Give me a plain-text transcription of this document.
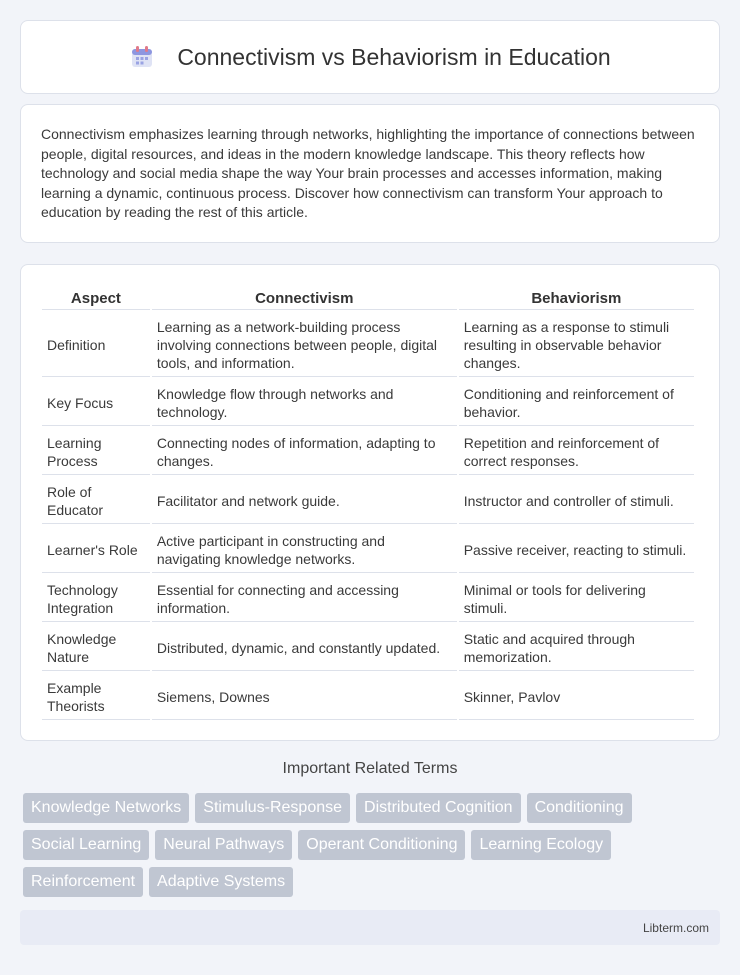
Connectivism vs Behaviorism in Education

Connectivism emphasizes learning through networks, highlighting the importance of connections between people, digital resources, and ideas in the modern knowledge landscape. This theory reflects how technology and social media shape the way Your brain processes and accesses information, making learning a dynamic, continuous process. Discover how connectivism can transform Your approach to education by reading the rest of this article.

Aspect	Connectivism	Behaviorism
Definition	Learning as a network-building process involving connections between people, digital tools, and information.	Learning as a response to stimuli resulting in observable behavior changes.
Key Focus	Knowledge flow through networks and technology.	Conditioning and reinforcement of behavior.
Learning Process	Connecting nodes of information, adapting to changes.	Repetition and reinforcement of correct responses.
Role of Educator	Facilitator and network guide.	Instructor and controller of stimuli.
Learner's Role	Active participant in constructing and navigating knowledge networks.	Passive receiver, reacting to stimuli.
Technology Integration	Essential for connecting and accessing information.	Minimal or tools for delivering stimuli.
Knowledge Nature	Distributed, dynamic, and constantly updated.	Static and acquired through memorization.
Example Theorists	Siemens, Downes	Skinner, Pavlov
Important Related Terms
Knowledge Networks	Stimulus-Response	Distributed Cognition	Conditioning
Social Learning	Neural Pathways	Operant Conditioning	Learning Ecology
Reinforcement	Adaptive Systems
Libterm.com
